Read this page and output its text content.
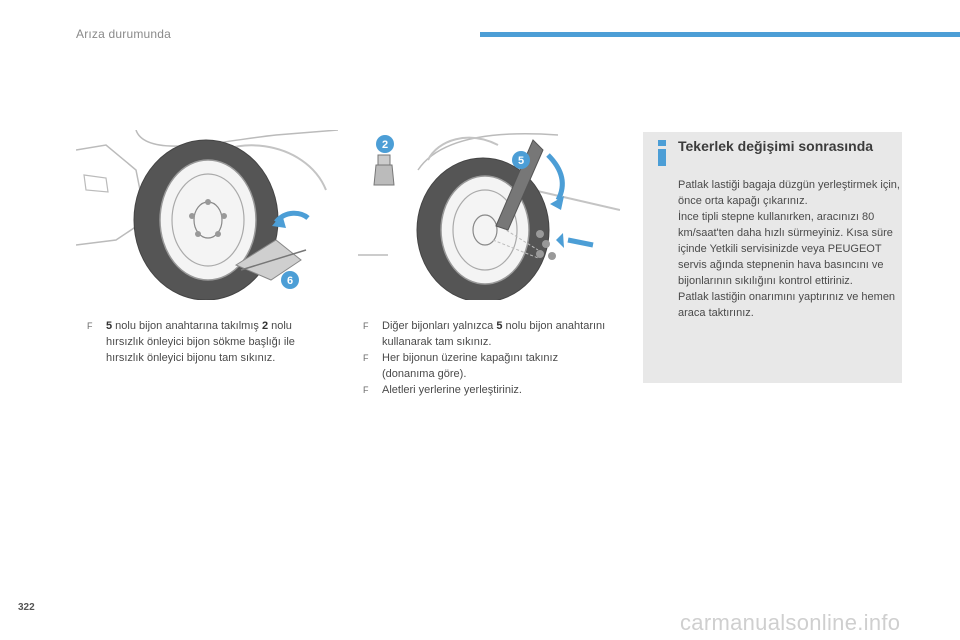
Arıza durumunda
6
2
5
F 5 nolu bijon anahtarına takılmış 2 nolu hırsızlık önleyici bijon sökme başlığı ile hırsızlık önleyici bijonu tam sıkınız.
F Diğer bijonları yalnızca 5 nolu bijon anahtarını kullanarak tam sıkınız.
F Her bijonun üzerine kapağını takınız (donanıma göre).
F Aletleri yerlerine yerleştiriniz.
Tekerlek değişimi sonrasında

Patlak lastiği bagaja düzgün yerleştirmek için, önce orta kapağı çıkarınız.
İnce tipli stepne kullanırken, aracınızı 80 km/saat'ten daha hızlı sürmeyiniz. Kısa süre içinde Yetkili servisinizde veya PEUGEOT servis ağında stepnenin hava basıncını ve bijonlarının sıkılığını kontrol ettiriniz.
Patlak lastiğin onarımını yaptırınız ve hemen araca taktırınız.

322
carmanualsonline.info
